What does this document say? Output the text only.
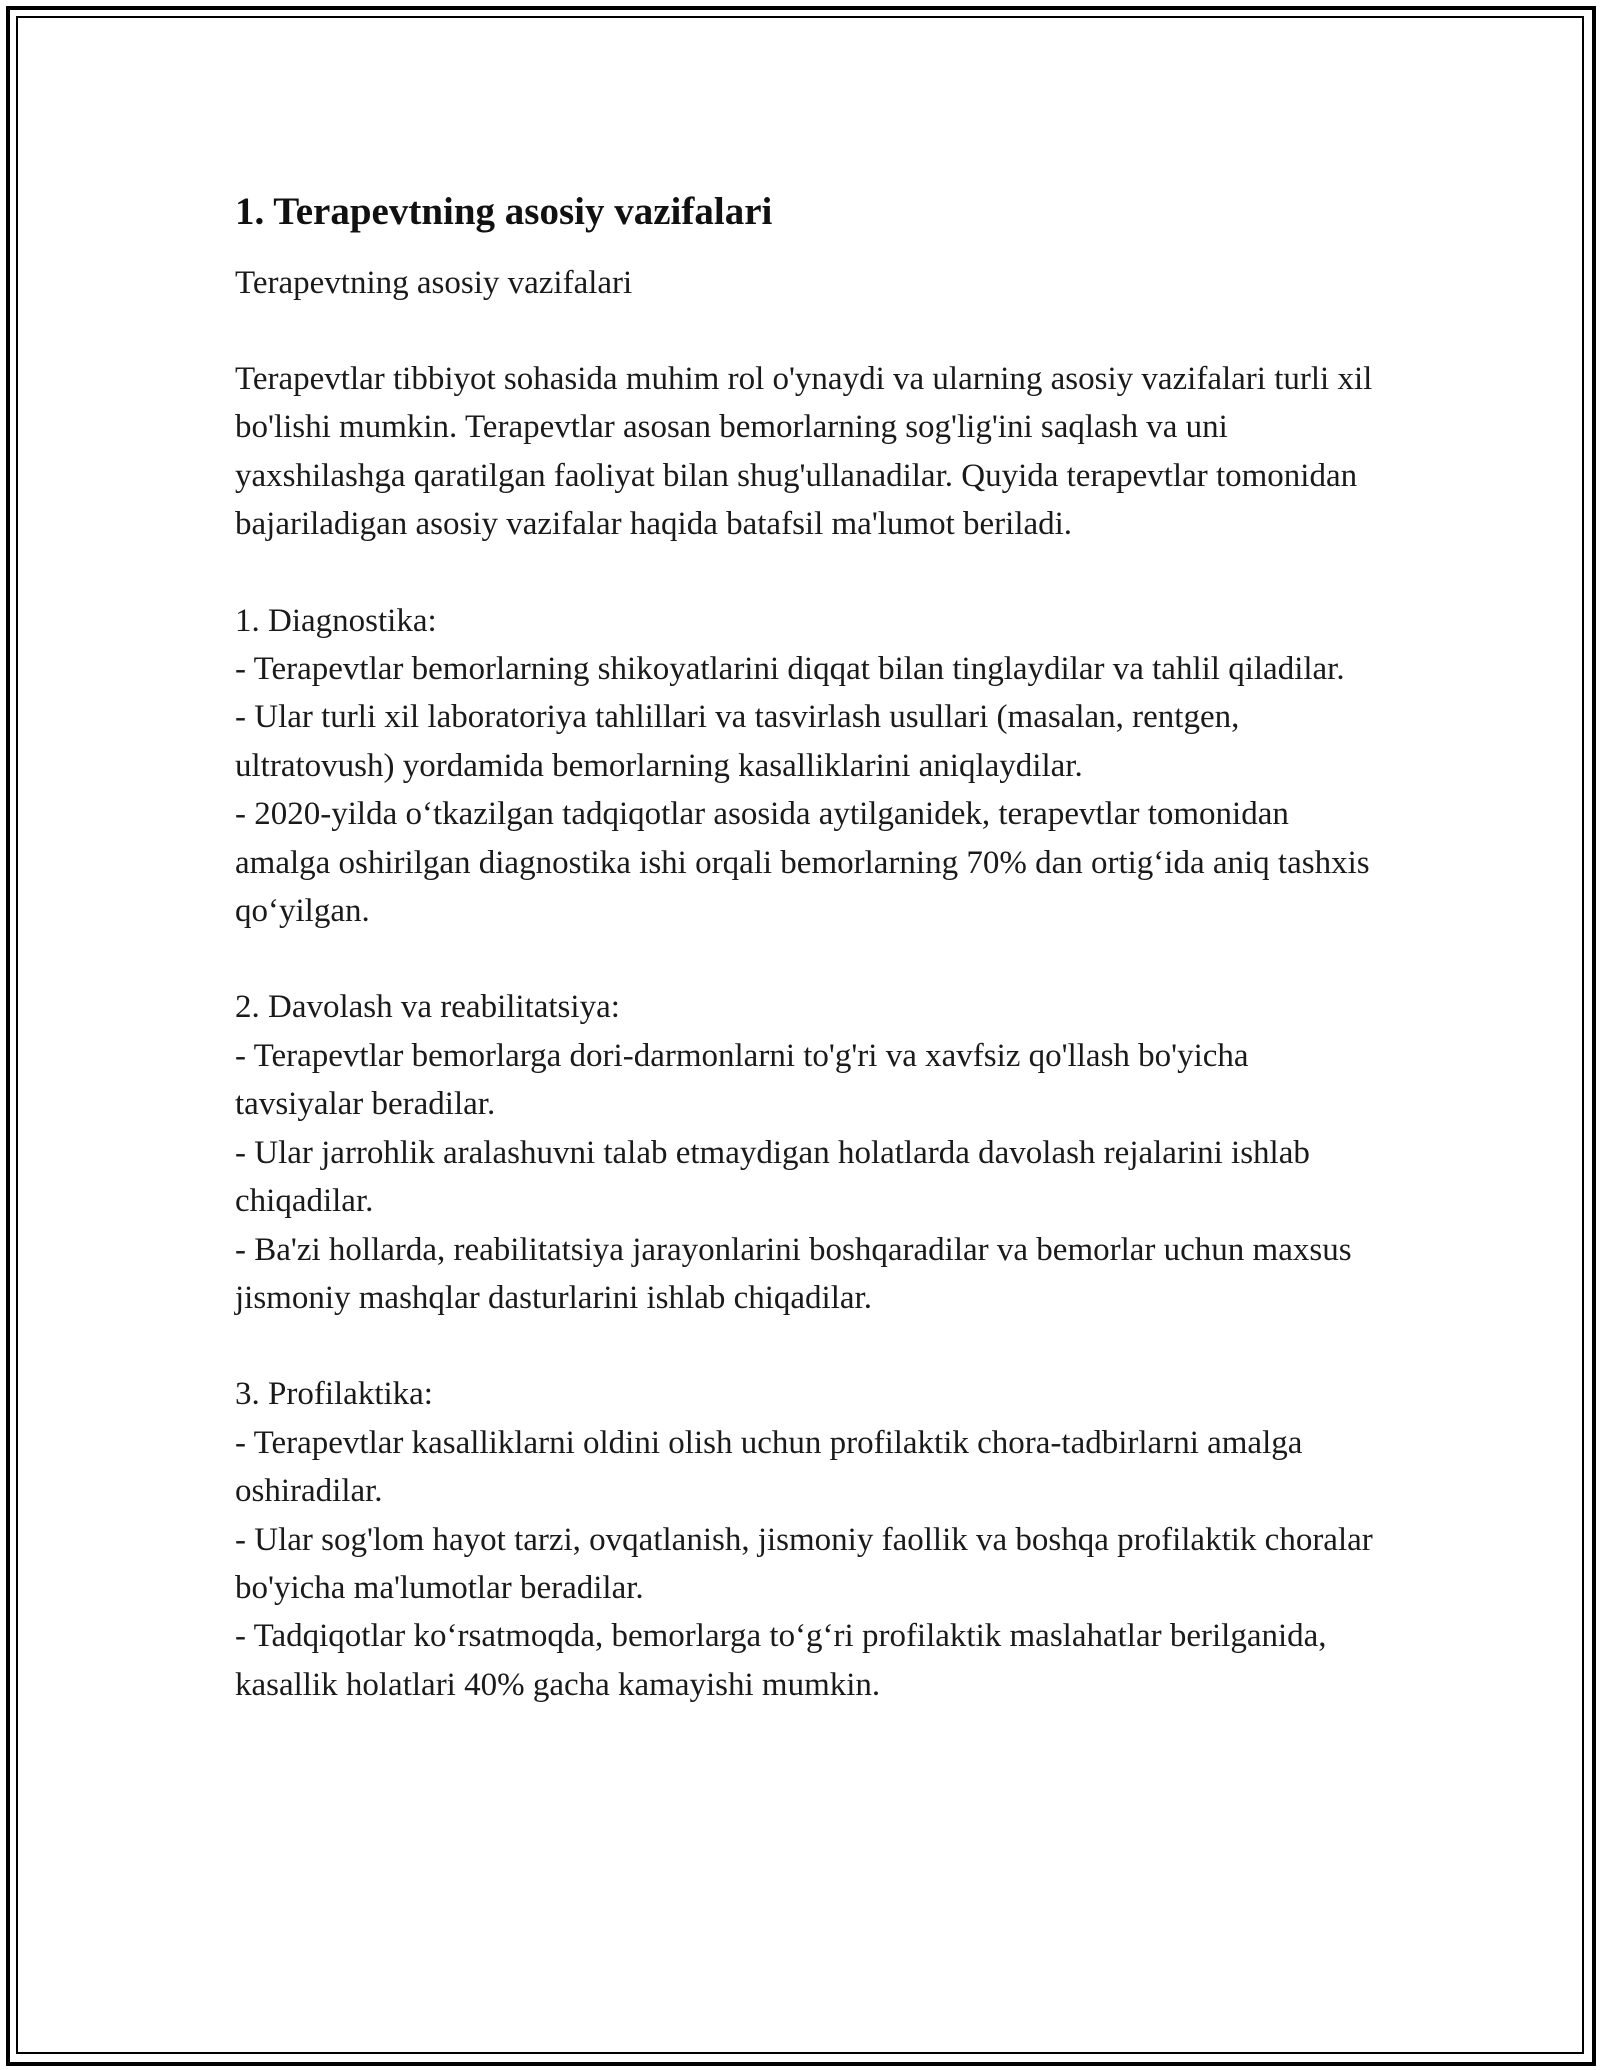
1. Terapevtning asosiy vazifalari
Terapevtning asosiy vazifalari
Terapevtlar tibbiyot sohasida muhim rol o'ynaydi va ularning asosiy vazifalari turli xil bo'lishi mumkin. Terapevtlar asosan bemorlarning sog'lig'ini saqlash va uni yaxshilashga qaratilgan faoliyat bilan shug'ullanadilar. Quyida terapevtlar tomonidan bajariladigan asosiy vazifalar haqida batafsil ma'lumot beriladi.
1. Diagnostika:
- Terapevtlar bemorlarning shikoyatlarini diqqat bilan tinglaydilar va tahlil qiladilar.
- Ular turli xil laboratoriya tahlillari va tasvirlash usullari (masalan, rentgen, ultratovush) yordamida bemorlarning kasalliklarini aniqlaydilar.
- 2020-yilda o‘tkazilgan tadqiqotlar asosida aytilganidek, terapevtlar tomonidan amalga oshirilgan diagnostika ishi orqali bemorlarning 70% dan ortig‘ida aniq tashxis qo‘yilgan.
2. Davolash va reabilitatsiya:
- Terapevtlar bemorlarga dori-darmonlarni to'g'ri va xavfsiz qo'llash bo'yicha tavsiyalar beradilar.
- Ular jarrohlik aralashuvni talab etmaydigan holatlarda davolash rejalarini ishlab chiqadilar.
- Ba'zi hollarda, reabilitatsiya jarayonlarini boshqaradilar va bemorlar uchun maxsus jismoniy mashqlar dasturlarini ishlab chiqadilar.
3. Profilaktika:
- Terapevtlar kasalliklarni oldini olish uchun profilaktik chora-tadbirlarni amalga oshiradilar.
- Ular sog'lom hayot tarzi, ovqatlanish, jismoniy faollik va boshqa profilaktik choralar bo'yicha ma'lumotlar beradilar.
- Tadqiqotlar ko‘rsatmoqda, bemorlarga to‘g‘ri profilaktik maslahatlar berilganida, kasallik holatlari 40% gacha kamayishi mumkin.
